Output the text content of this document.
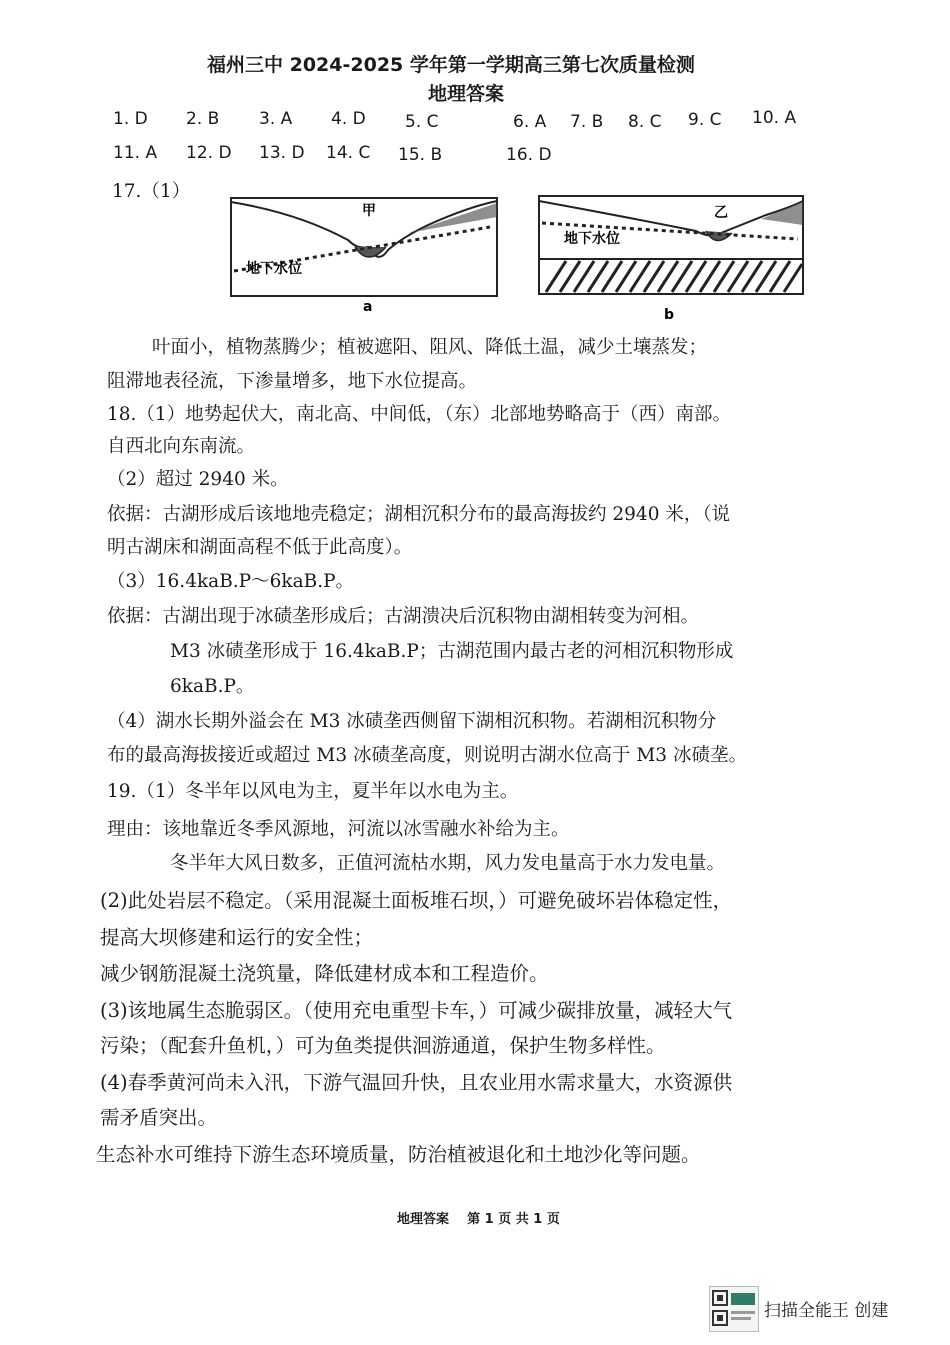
福州三中 2024-2025 学年第一学期高三第七次质量检测
地理答案
1. D 2. B 3. A 4. D 5. C	6. A 7. B 8. C 9. C 10. A
11. A 12. D 13. D 14. C 15. B	16. D
17.（1）
甲
地下水位
a
乙
地下水位
b
叶面小，植物蒸腾少；植被遮阳、阻风、降低土温，减少土壤蒸发；
阻滞地表径流，下渗量增多，地下水位提高。
18.（1）地势起伏大，南北高、中间低，（东）北部地势略高于（西）南部。
自西北向东南流。
（2）超过 2940 米。
依据：古湖形成后该地地壳稳定；湖相沉积分布的最高海拔约 2940 米，（说
明古湖床和湖面高程不低于此高度）。
（3）16.4kaB.P～6kaB.P。
依据：古湖出现于冰碛垄形成后；古湖溃决后沉积物由湖相转变为河相。
M3 冰碛垄形成于 16.4kaB.P；古湖范围内最古老的河相沉积物形成
6kaB.P。
（4）湖水长期外溢会在 M3 冰碛垄西侧留下湖相沉积物。若湖相沉积物分
布的最高海拔接近或超过 M3 冰碛垄高度，则说明古湖水位高于 M3 冰碛垄。
19.（1）冬半年以风电为主，夏半年以水电为主。
理由：该地靠近冬季风源地，河流以冰雪融水补给为主。
冬半年大风日数多，正值河流枯水期，风力发电量高于水力发电量。
(2)此处岩层不稳定。（采用混凝土面板堆石坝，）可避免破坏岩体稳定性，
提高大坝修建和运行的安全性；
减少钢筋混凝土浇筑量，降低建材成本和工程造价。
(3)该地属生态脆弱区。（使用充电重型卡车，）可减少碳排放量，减轻大气
污染；（配套升鱼机，）可为鱼类提供洄游通道，保护生物多样性。
(4)春季黄河尚未入汛，下游气温回升快，且农业用水需求量大，水资源供
需矛盾突出。
生态补水可维持下游生态环境质量，防治植被退化和土地沙化等问题。
地理答案    第 1 页 共 1 页
扫描全能王 创建
